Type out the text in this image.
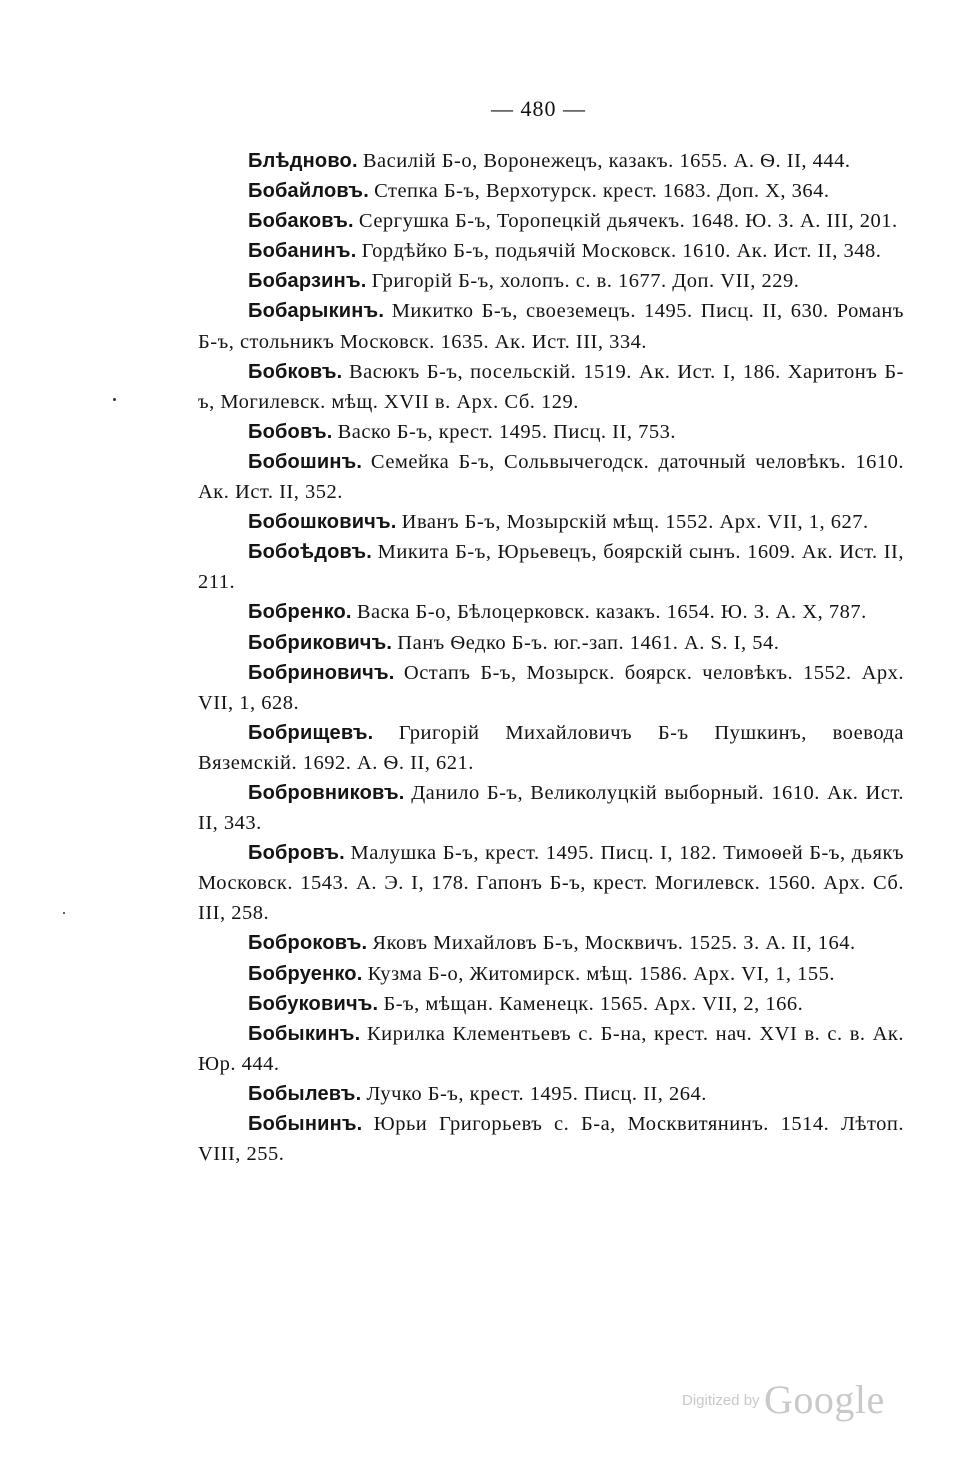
— 480 —

Блѣдново. Василій Б-о, Воронежецъ, казакъ. 1655. А. Ѳ. II, 444.

Бобайловъ. Степка Б-ъ, Верхотурск. крест. 1683. Доп. X, 364.

Бобаковъ. Сергушка Б-ъ, Торопецкій дьячекъ. 1648. Ю. З. А. III, 201.

Бобанинъ. Гордѣйко Б-ъ, подьячій Московск. 1610. Ак. Ист. II, 348.

Бобарзинъ. Григорій Б-ъ, холопъ. с. в. 1677. Доп. VII, 229.

Бобарыкинъ. Микитко Б-ъ, своеземецъ. 1495. Писц. II, 630. Романъ Б-ъ, стольникъ Московск. 1635. Ак. Ист. III, 334.

Бобковъ. Васюкъ Б-ъ, посельскій. 1519. Ак. Ист. I, 186. Харитонъ Б-ъ, Могилевск. мѣщ. XVII в. Арх. Сб. 129.

Бобовъ. Васко Б-ъ, крест. 1495. Писц. II, 753.

Бобошинъ. Семейка Б-ъ, Сольвычегодск. даточный человѣкъ. 1610. Ак. Ист. II, 352.

Бобошковичъ. Иванъ Б-ъ, Мозырскій мѣщ. 1552. Арх. VII, 1, 627.

Бобоѣдовъ. Микита Б-ъ, Юрьевецъ, боярскій сынъ. 1609. Ак. Ист. II, 211.

Бобренко. Васка Б-о, Бѣлоцерковск. казакъ. 1654. Ю. З. А. X, 787.

Бобриковичъ. Панъ Ѳедко Б-ъ. юг.-зап. 1461. А. S. I, 54.

Бобриновичъ. Остапъ Б-ъ, Мозырск. боярск. человѣкъ. 1552. Арх. VII, 1, 628.

Бобрищевъ. Григорій Михайловичъ Б-ъ Пушкинъ, воевода Вяземскій. 1692. А. Ѳ. II, 621.

Бобровниковъ. Данило Б-ъ, Великолуцкій выборный. 1610. Ак. Ист. II, 343.

Бобровъ. Малушка Б-ъ, крест. 1495. Писц. I, 182. Тимоѳей Б-ъ, дьякъ Московск. 1543. А. Э. I, 178. Гапонъ Б-ъ, крест. Могилевск. 1560. Арх. Сб. III, 258.

Боброковъ. Яковъ Михайловъ Б-ъ, Москвичъ. 1525. З. А. II, 164.

Бобруенко. Кузма Б-о, Житомирск. мѣщ. 1586. Арх. VI, 1, 155.

Бобуковичъ. Б-ъ, мѣщан. Каменецк. 1565. Арх. VII, 2, 166.

Бобыкинъ. Кирилка Клементьевъ с. Б-на, крест. нач. XVI в. с. в. Ак. Юр. 444.

Бобылевъ. Лучко Б-ъ, крест. 1495. Писц. II, 264.

Бобынинъ. Юрьи Григорьевъ с. Б-а, Москвитянинъ. 1514. Лѣтоп. VIII, 255.

Digitized by Google
